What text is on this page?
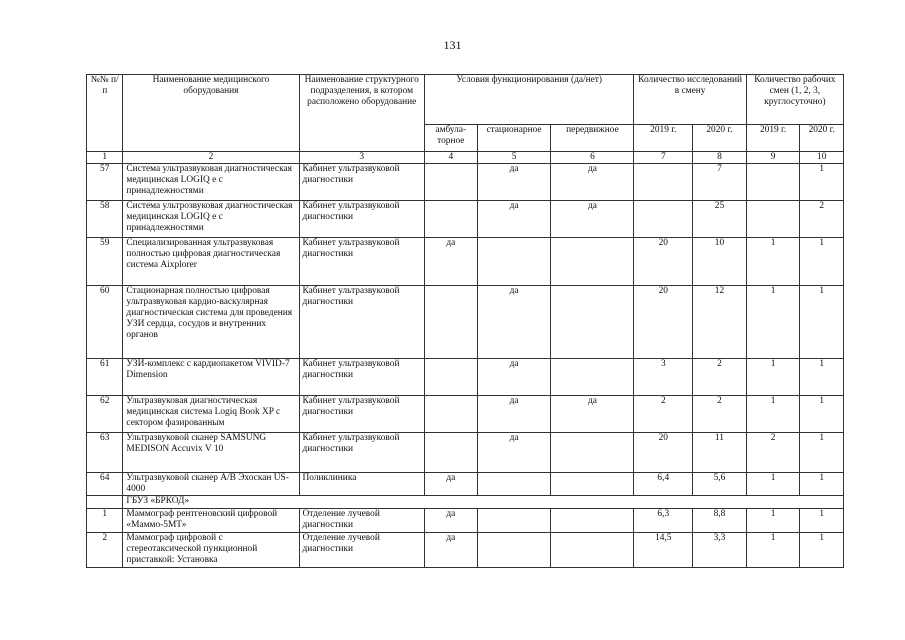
131
№№ п/п	Наименование медицинского оборудования	Наименование структурного подразделения, в котором расположено оборудование	Условия функционирования (да/нет)			Количество исследований в смену		Количество рабочих смен (1, 2, 3, круглосуточно)	
			амбула-торное	стационарное	передвижное	2019 г.	2020 г.	2019 г.	2020 г.
1	2	3	4	5	6	7	8	9	10
57	Система ультразвуковая диагностическая медицинская LOGIQ e с принадлежностями	Кабинет ультразвуковой диагностики		да	да		7		1
58	Система ультрозвуковая диагностическая медицинская LOGIQ e с принадлежностями	Кабинет ультразвуковой диагностики		да	да		25		2
59	Специализированная ультразвуковая полностью цифровая диагностическая система Aixplorer	Кабинет ультразвуковой диагностики	да			20	10	1	1
60	Стационарная полностью цифровая ультразвуковая кардио-васкулярная диагностическая система для проведения УЗИ сердца, сосудов и внутренних органов	Кабинет ультразвуковой диагностики		да		20	12	1	1
61	УЗИ-комплекс с кардиопакетом VIVID-7 Dimension	Кабинет ультразвуковой диагностики		да		3	2	1	1
62	Ультразвуковая диагностическая медицинская система Logiq Book XP с сектором фазированным	Кабинет ультразвуковой диагностики		да	да	2	2	1	1
63	Ультразвуковой сканер SAMSUNG MEDISON Accuvix V 10	Кабинет ультразвуковой диагностики		да		20	11	2	1
64	Ультразвуковой сканер А/В Эхоскан US-4000	Поликлиника	да			6,4	5,6	1	1
	ГБУЗ «БРКОД»								
1	Маммограф рентгеновский цифровой «Маммо-5МТ»	Отделение лучевой диагностики	да			6,3	8,8	1	1
2	Маммограф цифровой с стереотаксической пункционной приставкой: Установка	Отделение лучевой диагностики	да			14,5	3,3	1	1
